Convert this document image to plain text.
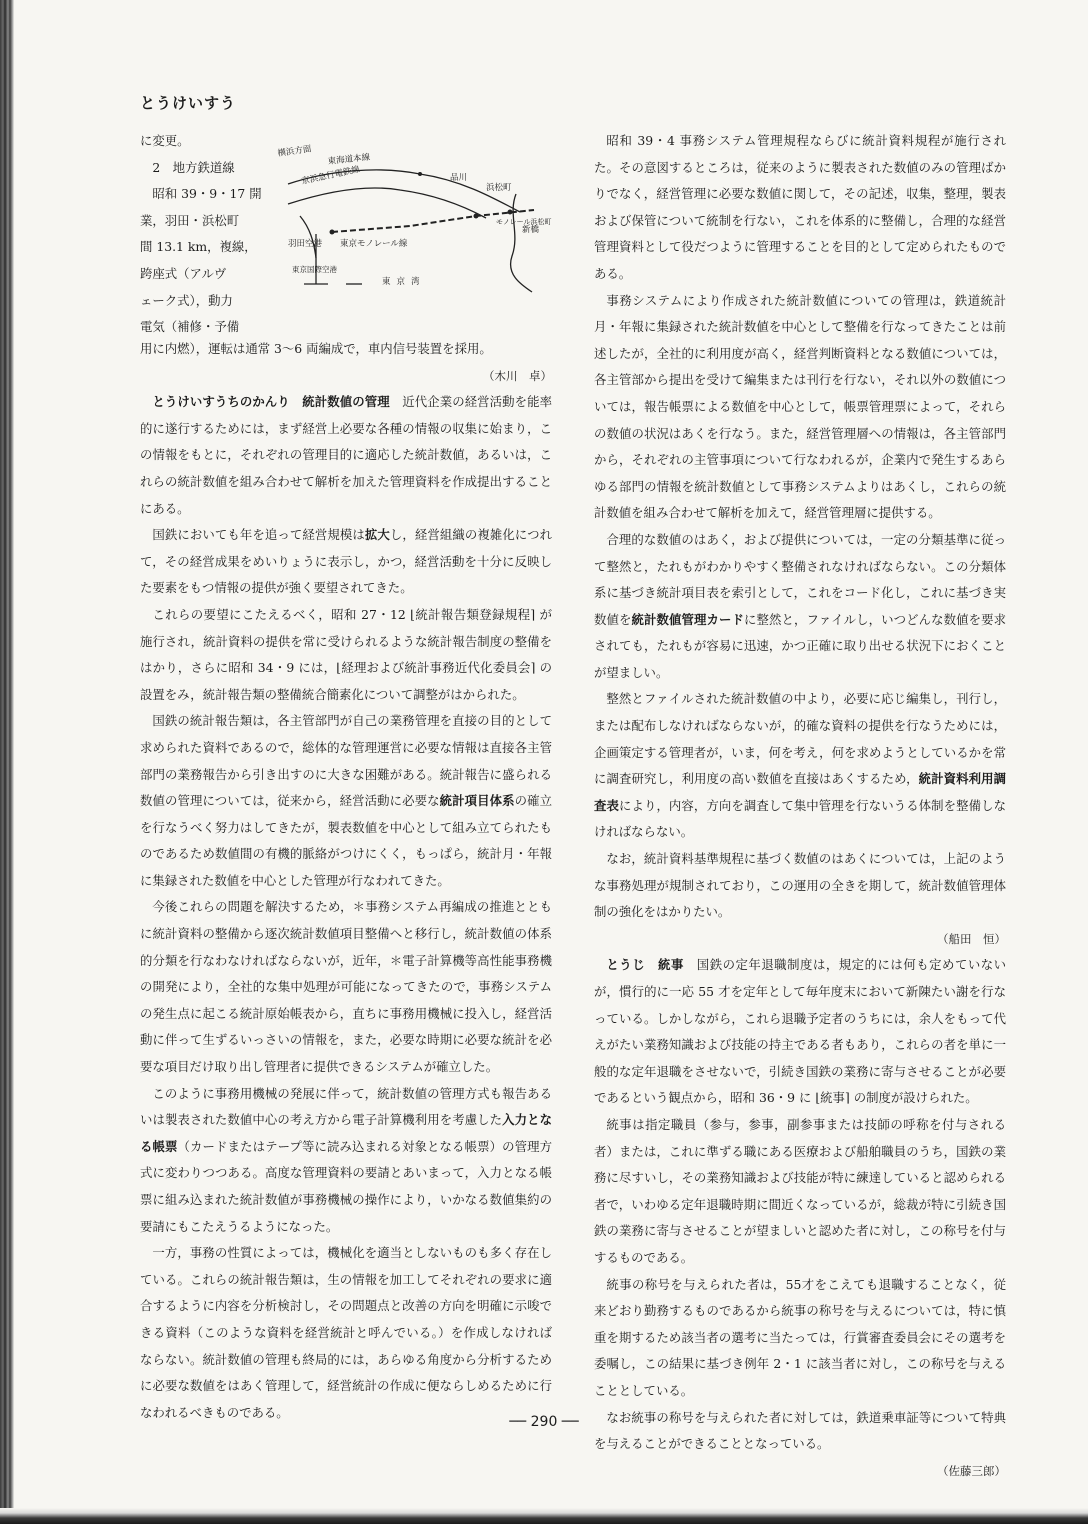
とうけいすう
に変更。
2　地方鉄道線
昭和 39・9・17 開
業，羽田・浜松町
間 13.1 km，複線，
跨座式（アルヴ
ェーク式），動力
電気（補修・予備
横浜方面
東海道本線
京浜急行電鉄線	品川
浜松町
モノレール浜松町
新橋
羽田空港
東京国際空港
東京モノレール線
東京湾

用に内燃），運転は通常 3～6 両編成で，車内信号装置を採用。

（木川　卓）

とうけいすうちのかんり　 統計数値の管理　 近代企業の経営活動を能率的に遂行するためには，まず経営上必要な各種の情報の収集に始まり，この情報をもとに，それぞれの管理目的に適応した統計数値，あるいは，これらの統計数値を組み合わせて解析を加えた管理資料を作成提出することにある。

国鉄においても年を追って経営規模は拡大し，経営組織の複雑化につれて，その経営成果をめいりょうに表示し，かつ，経営活動を十分に反映した要素をもつ情報の提供が強く要望されてきた。

これらの要望にこたえるべく，昭和 27・12 ⌊統計報告類登録規程⌉ が施行され，統計資料の提供を常に受けられるような統計報告制度の整備をはかり，さらに昭和 34・9 には，⌊経理および統計事務近代化委員会⌉ の設置をみ，統計報告類の整備統合簡素化について調整がはかられた。

国鉄の統計報告類は，各主管部門が自己の業務管理を直接の目的として求められた資料であるので，総体的な管理運営に必要な情報は直接各主管部門の業務報告から引き出すのに大きな困難がある。統計報告に盛られる数値の管理については，従来から，経営活動に必要な統計項目体系の確立を行なうべく努力はしてきたが，製表数値を中心として組み立てられたものであるため数値間の有機的脈絡がつけにくく，もっぱら，統計月・年報に集録された数値を中心とした管理が行なわれてきた。

今後これらの問題を解決するため，＊事務システム再編成の推進とともに統計資料の整備から逐次統計数値項目整備へと移行し，統計数値の体系的分類を行なわなければならないが，近年，＊電子計算機等高性能事務機の開発により，全社的な集中処理が可能になってきたので，事務システムの発生点に起こる統計原始帳表から，直ちに事務用機械に投入し，経営活動に伴って生ずるいっさいの情報を，また，必要な時期に必要な統計を必要な項目だけ取り出し管理者に提供できるシステムが確立した。

このように事務用機械の発展に伴って，統計数値の管理方式も報告あるいは製表された数値中心の考え方から電子計算機利用を考慮した入力となる帳票（カードまたはテープ等に読み込まれる対象となる帳票）の管理方式に変わりつつある。高度な管理資料の要請とあいまって，入力となる帳票に組み込まれた統計数値が事務機械の操作により，いかなる数値集約の要請にもこたえうるようになった。

一方，事務の性質によっては，機械化を適当としないものも多く存在している。これらの統計報告類は，生の情報を加工してそれぞれの要求に適合するように内容を分析検討し，その問題点と改善の方向を明確に示唆できる資料（このような資料を経営統計と呼んでいる。）を作成しなければならない。統計数値の管理も終局的には，あらゆる角度から分析するために必要な数値をはあく管理して，経営統計の作成に便ならしめるために行なわれるべきものである。

昭和 39・4 事務システム管理規程ならびに統計資料規程が施行された。その意図するところは，従来のように製表された数値のみの管理ばかりでなく，経営管理に必要な数値に関して，その記述，収集，整理，製表および保管について統制を行ない，これを体系的に整備し，合理的な経営管理資料として役だつように管理することを目的として定められたものである。

事務システムにより作成された統計数値についての管理は，鉄道統計月・年報に集録された統計数値を中心として整備を行なってきたことは前述したが，全社的に利用度が高く，経営判断資料となる数値については，各主管部から提出を受けて編集または刊行を行ない，それ以外の数値については，報告帳票による数値を中心として，帳票管理票によって，それらの数値の状況はあくを行なう。また，経営管理層への情報は，各主管部門から，それぞれの主管事項について行なわれるが，企業内で発生するあらゆる部門の情報を統計数値として事務システムよりはあくし，これらの統計数値を組み合わせて解析を加えて，経営管理層に提供する。

合理的な数値のはあく，および提供については，一定の分類基準に従って整然と，たれもがわかりやすく整備されなければならない。この分類体系に基づき統計項目表を索引として，これをコード化し，これに基づき実数値を統計数値管理カードに整然と，ファイルし，いつどんな数値を要求されても，たれもが容易に迅速，かつ正確に取り出せる状況下におくことが望ましい。

整然とファイルされた統計数値の中より，必要に応じ編集し，刊行し，または配布しなければならないが，的確な資料の提供を行なうためには，企画策定する管理者が，いま，何を考え，何を求めようとしているかを常に調査研究し，利用度の高い数値を直接はあくするため，統計資料利用調査表により，内容，方向を調査して集中管理を行ないうる体制を整備しなければならない。

なお，統計資料基準規程に基づく数値のはあくについては，上記のような事務処理が規制されており，この運用の全きを期して，統計数値管理体制の強化をはかりたい。

（船田　恒）

とうじ　 統事　 国鉄の定年退職制度は，規定的には何も定めていないが，慣行的に一応 55 才を定年として毎年度末において新陳たい謝を行なっている。しかしながら，これら退職予定者のうちには，余人をもって代えがたい業務知識および技能の持主である者もあり，これらの者を単に一般的な定年退職をさせないで，引続き国鉄の業務に寄与させることが必要であるという観点から，昭和 36・9 に ⌊統事⌉ の制度が設けられた。

統事は指定職員（参与，参事，副参事または技師の呼称を付与される者）または，これに準ずる職にある医療および船舶職員のうち，国鉄の業務に尽すいし，その業務知識および技能が特に練達していると認められる者で，いわゆる定年退職時期に間近くなっているが，総裁が特に引続き国鉄の業務に寄与させることが望ましいと認めた者に対し，この称号を付与するものである。

統事の称号を与えられた者は，55才をこえても退職することなく，従来どおり勤務するものであるから統事の称号を与えるについては，特に慎重を期するため該当者の選考に当たっては，行賞審査委員会にその選考を委嘱し，この結果に基づき例年 2・1 に該当者に対し，この称号を与えることとしている。

なお統事の称号を与えられた者に対しては，鉄道乗車証等について特典を与えることができることとなっている。

（佐藤三郎）

── 290 ──
